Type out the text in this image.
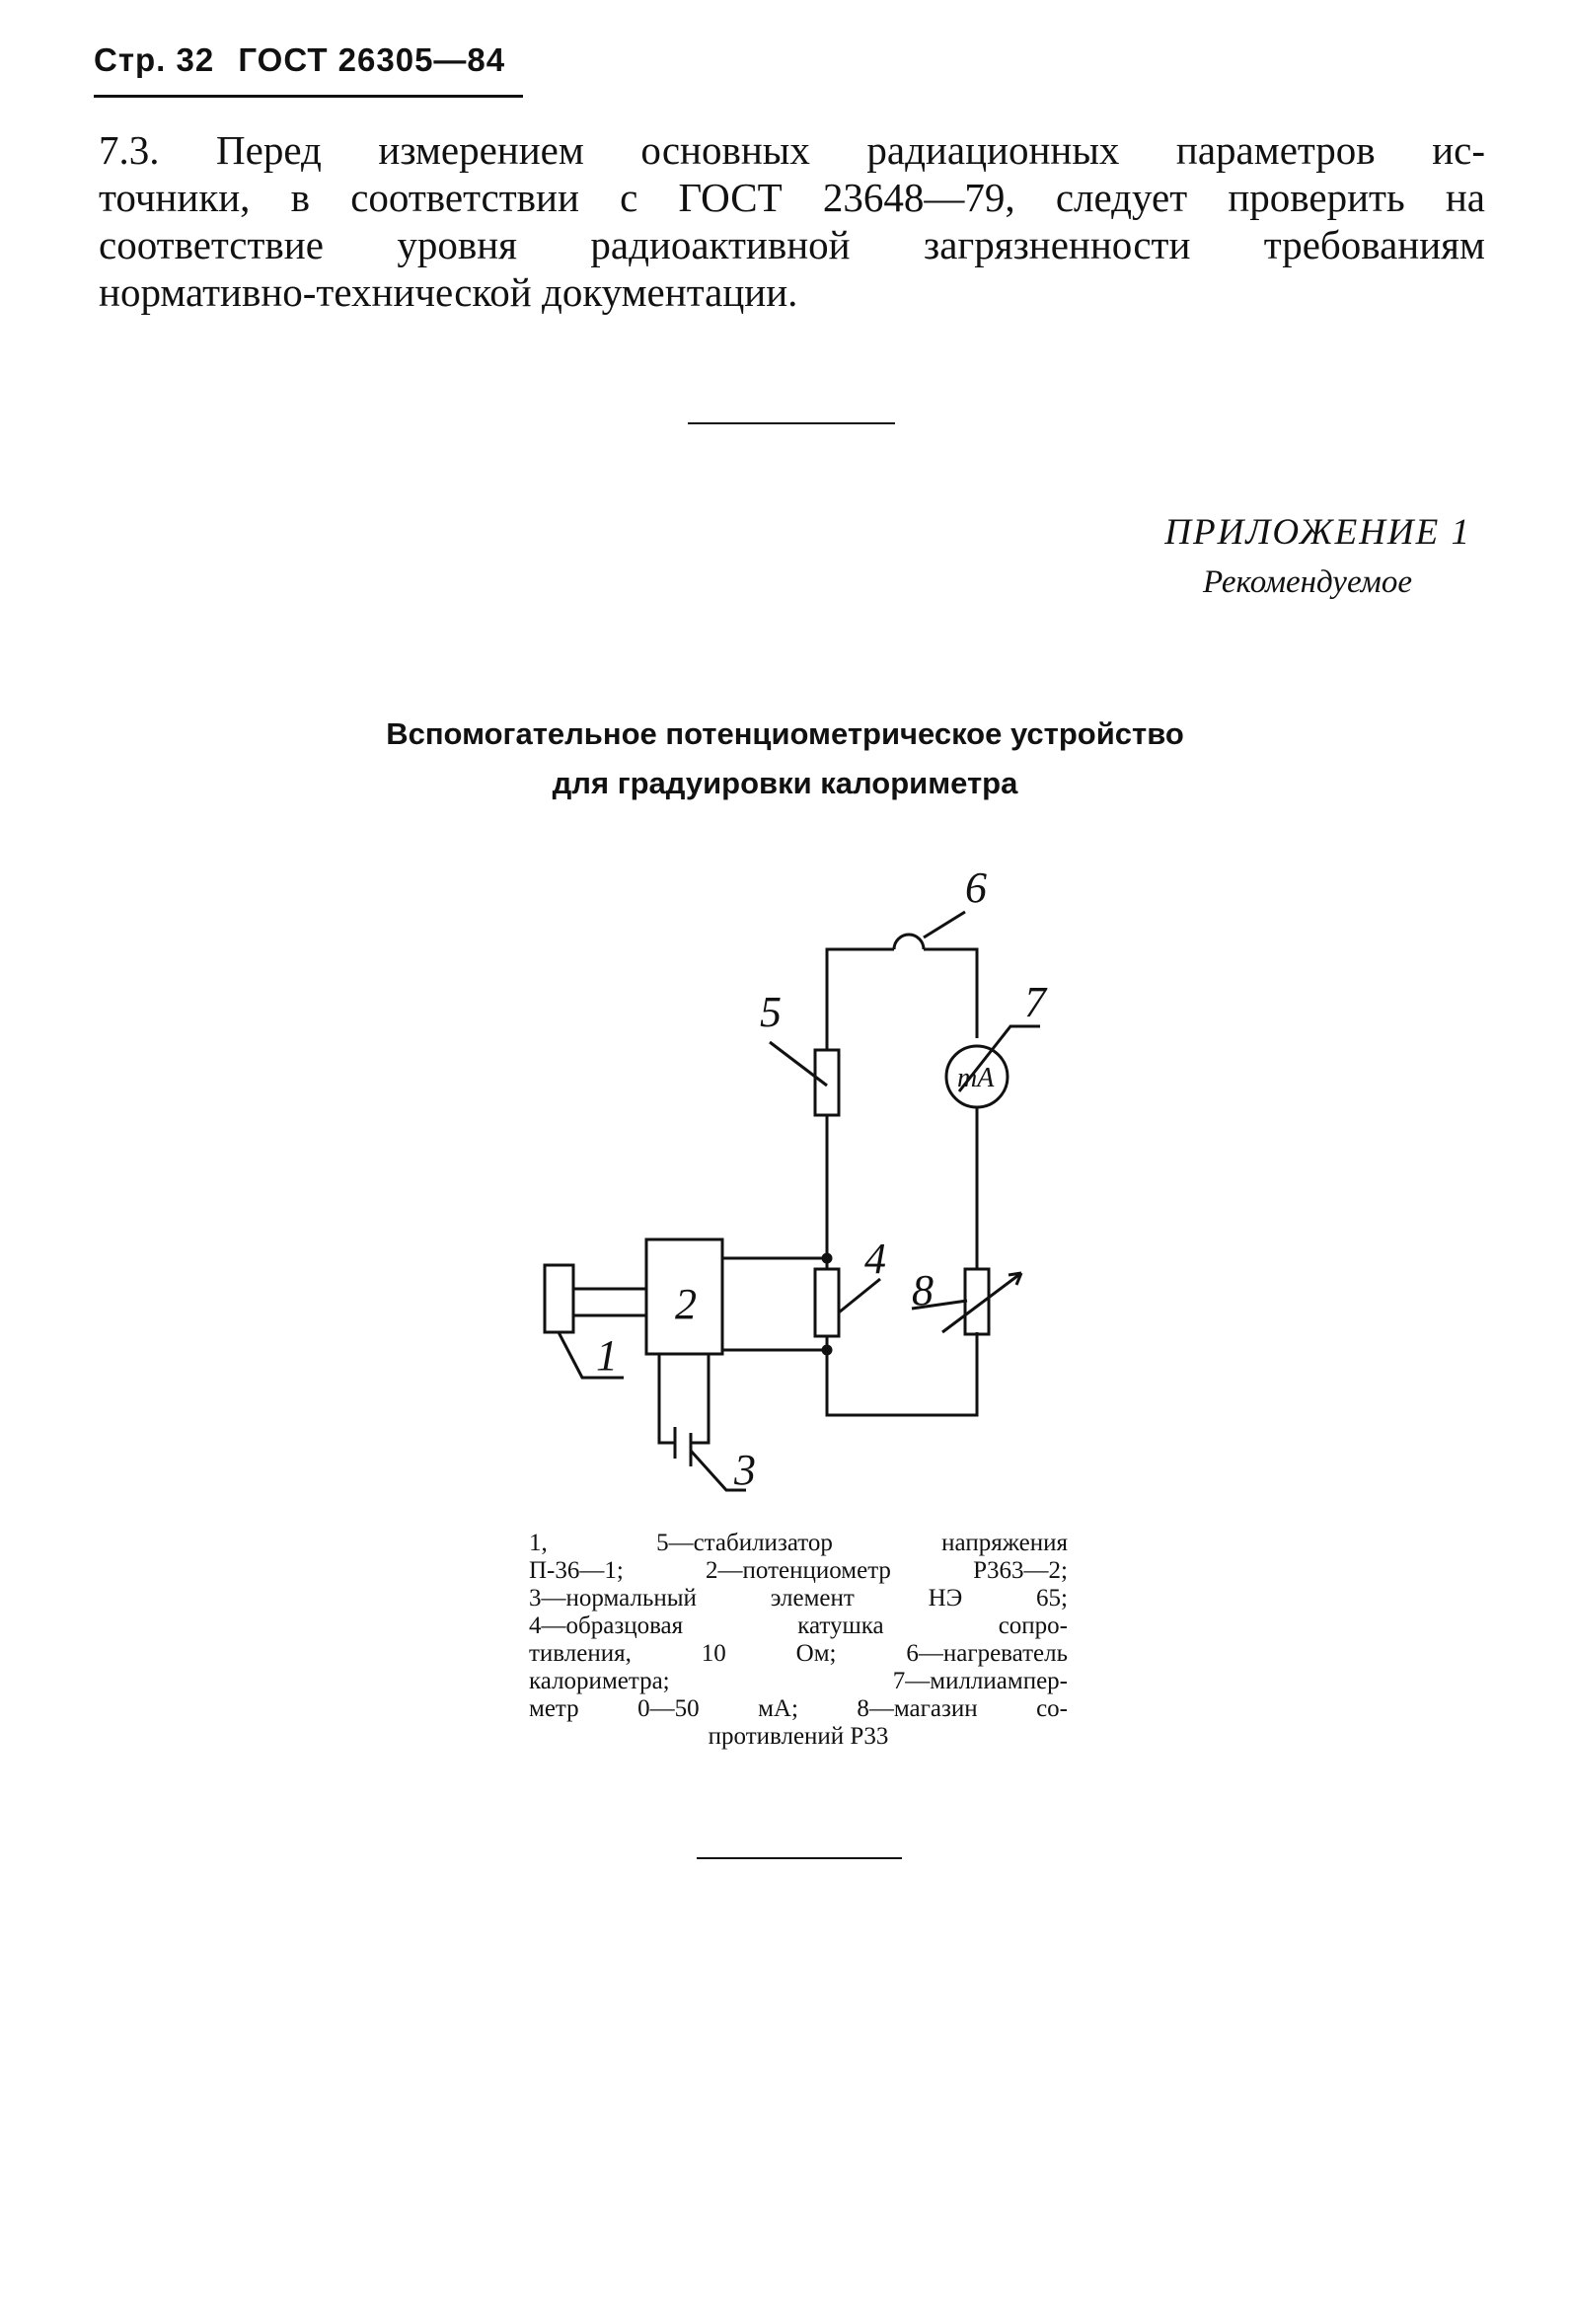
Стр. 32 ГОСТ 26305—84
7.3. Перед измерением основных радиационных параметров ис-
точники, в соответствии с ГОСТ 23648—79, следует проверить на
соответствие уровня радиоактивной загрязненности требованиям
нормативно-технической документации.
ПРИЛОЖЕНИЕ 1
Рекомендуемое
Вспомогательное потенциометрическое устройство
для градуировки калориметра
6
5	7
mA
4
8
2
1
3
1, 5—стабилизатор напряжения
П-36—1; 2—потенциометр Р363—2;
3—нормальный элемент НЭ 65;
4—образцовая катушка сопро-
тивления, 10 Ом; 6—нагреватель
калориметра; 7—миллиампер-
метр 0—50 мА; 8—магазин со-
противлений Р33
